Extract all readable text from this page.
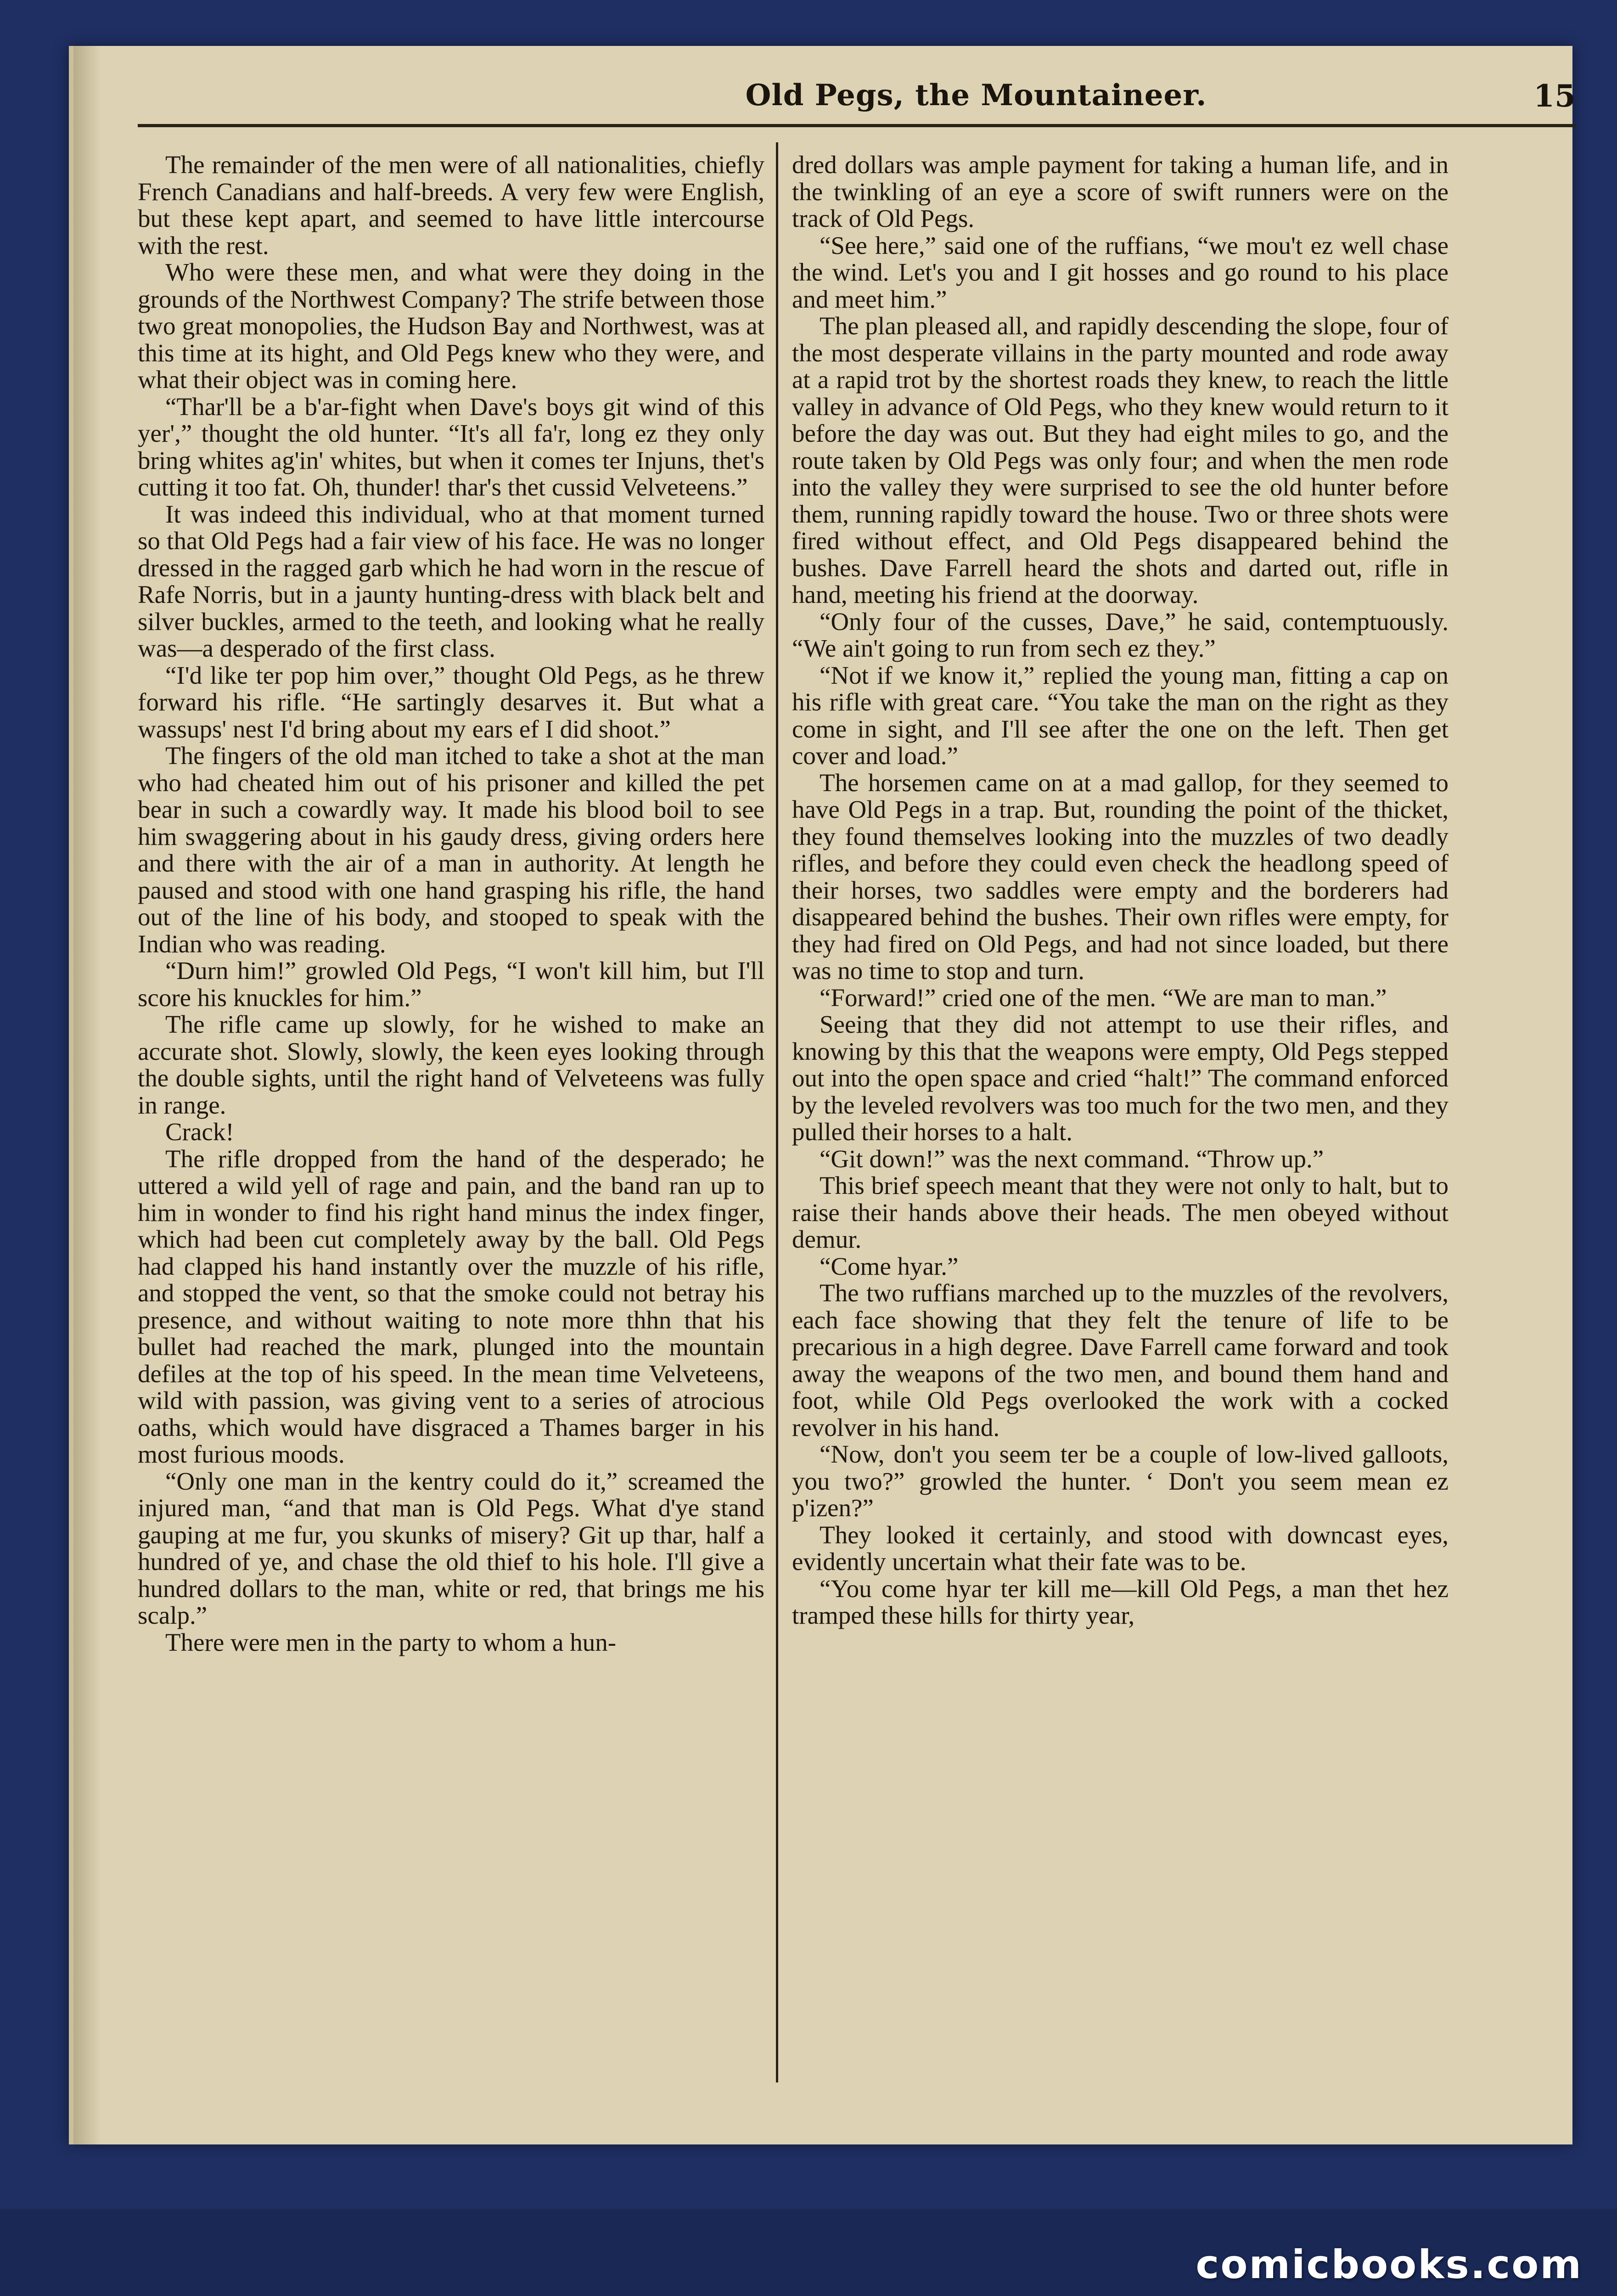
Old Pegs, the Mountaineer.	15

The remainder of the men were of all nationalities, chiefly French Canadians and half-breeds. A very few were English, but these kept apart, and seemed to have little intercourse with the rest.

Who were these men, and what were they doing in the grounds of the Northwest Company? The strife between those two great monopolies, the Hudson Bay and Northwest, was at this time at its hight, and Old Pegs knew who they were, and what their object was in coming here.

“Thar'll be a b'ar-fight when Dave's boys git wind of this yer',” thought the old hunter. “It's all fa'r, long ez they only bring whites ag'in' whites, but when it comes ter Injuns, thet's cutting it too fat. Oh, thunder! thar's thet cussid Velveteens.”

It was indeed this individual, who at that moment turned so that Old Pegs had a fair view of his face. He was no longer dressed in the ragged garb which he had worn in the rescue of Rafe Norris, but in a jaunty hunting-dress with black belt and silver buckles, armed to the teeth, and looking what he really was—a desperado of the first class.

“I'd like ter pop him over,” thought Old Pegs, as he threw forward his rifle. “He sartingly desarves it. But what a wassups' nest I'd bring about my ears ef I did shoot.”

The fingers of the old man itched to take a shot at the man who had cheated him out of his prisoner and killed the pet bear in such a cowardly way. It made his blood boil to see him swaggering about in his gaudy dress, giving orders here and there with the air of a man in authority. At length he paused and stood with one hand grasping his rifle, the hand out of the line of his body, and stooped to speak with the Indian who was reading.

“Durn him!” growled Old Pegs, “I won't kill him, but I'll score his knuckles for him.”

The rifle came up slowly, for he wished to make an accurate shot. Slowly, slowly, the keen eyes looking through the double sights, until the right hand of Velveteens was fully in range.

Crack!

The rifle dropped from the hand of the desperado; he uttered a wild yell of rage and pain, and the band ran up to him in wonder to find his right hand minus the index finger, which had been cut completely away by the ball. Old Pegs had clapped his hand instantly over the muzzle of his rifle, and stopped the vent, so that the smoke could not betray his presence, and without waiting to note more thhn that his bullet had reached the mark, plunged into the mountain defiles at the top of his speed. In the mean time Velveteens, wild with passion, was giving vent to a series of atrocious oaths, which would have disgraced a Thames barger in his most furious moods.

“Only one man in the kentry could do it,” screamed the injured man, “and that man is Old Pegs. What d'ye stand gauping at me fur, you skunks of misery? Git up thar, half a hundred of ye, and chase the old thief to his hole. I'll give a hundred dollars to the man, white or red, that brings me his scalp.”

There were men in the party to whom a hun-

dred dollars was ample payment for taking a human life, and in the twinkling of an eye a score of swift runners were on the track of Old Pegs.

“See here,” said one of the ruffians, “we mou't ez well chase the wind. Let's you and I git hosses and go round to his place and meet him.”

The plan pleased all, and rapidly descending the slope, four of the most desperate villains in the party mounted and rode away at a rapid trot by the shortest roads they knew, to reach the little valley in advance of Old Pegs, who they knew would return to it before the day was out. But they had eight miles to go, and the route taken by Old Pegs was only four; and when the men rode into the valley they were surprised to see the old hunter before them, running rapidly toward the house. Two or three shots were fired without effect, and Old Pegs disappeared behind the bushes. Dave Farrell heard the shots and darted out, rifle in hand, meeting his friend at the doorway.

“Only four of the cusses, Dave,” he said, contemptuously. “We ain't going to run from sech ez they.”

“Not if we know it,” replied the young man, fitting a cap on his rifle with great care. “You take the man on the right as they come in sight, and I'll see after the one on the left. Then get cover and load.”

The horsemen came on at a mad gallop, for they seemed to have Old Pegs in a trap. But, rounding the point of the thicket, they found themselves looking into the muzzles of two deadly rifles, and before they could even check the headlong speed of their horses, two saddles were empty and the borderers had disappeared behind the bushes. Their own rifles were empty, for they had fired on Old Pegs, and had not since loaded, but there was no time to stop and turn.

“Forward!” cried one of the men. “We are man to man.”

Seeing that they did not attempt to use their rifles, and knowing by this that the weapons were empty, Old Pegs stepped out into the open space and cried “halt!” The command enforced by the leveled revolvers was too much for the two men, and they pulled their horses to a halt.

“Git down!” was the next command. “Throw up.”

This brief speech meant that they were not only to halt, but to raise their hands above their heads. The men obeyed without demur.

“Come hyar.”

The two ruffians marched up to the muzzles of the revolvers, each face showing that they felt the tenure of life to be precarious in a high degree. Dave Farrell came forward and took away the weapons of the two men, and bound them hand and foot, while Old Pegs overlooked the work with a cocked revolver in his hand.

“Now, don't you seem ter be a couple of low-lived galloots, you two?” growled the hunter. ‘ Don't you seem mean ez p'izen?”

They looked it certainly, and stood with downcast eyes, evidently uncertain what their fate was to be.

“You come hyar ter kill me—kill Old Pegs, a man thet hez tramped these hills for thirty year,

comicbooks.com
